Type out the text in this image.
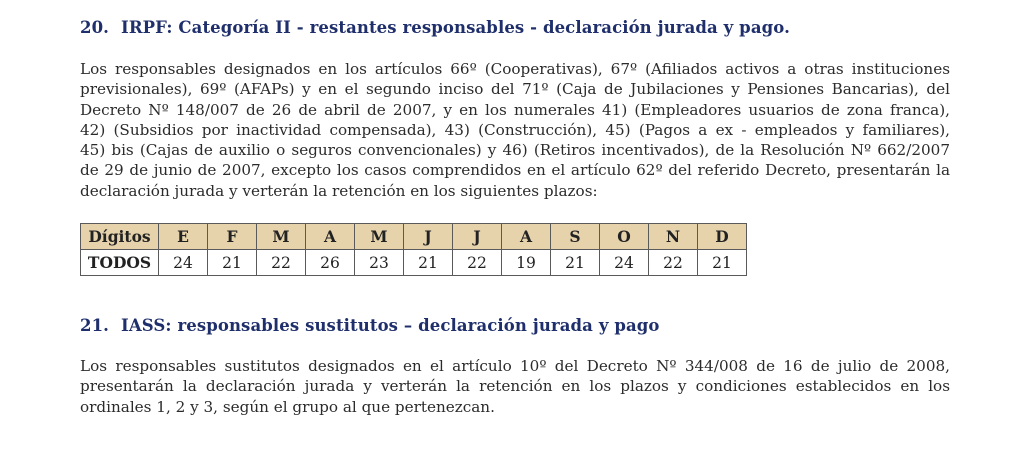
20. IRPF: Categoría II - restantes responsables - declaración jurada y pago.
Los responsables designados en los artículos 66º (Cooperativas), 67º (Afiliados activos a otras instituciones
previsionales), 69º (AFAPs) y en el segundo inciso del 71º (Caja de Jubilaciones y Pensiones Bancarias), del
Decreto Nº 148/007 de 26 de abril de 2007, y en los numerales 41) (Empleadores usuarios de zona franca),
42) (Subsidios por inactividad compensada), 43) (Construcción), 45) (Pagos a ex - empleados y familiares),
45) bis (Cajas de auxilio o seguros convencionales) y 46) (Retiros incentivados), de la Resolución Nº 662/2007
de 29 de junio de 2007, excepto los casos comprendidos en el artículo 62º del referido Decreto, presentarán la
declaración jurada y verterán la retención en los siguientes plazos:
Dígitos	E	F	M	A	M	J	J	A	S	O	N	D
TODOS	24	21	22	26	23	21	22	19	21	24	22	21
21. IASS: responsables sustitutos – declaración jurada y pago
Los responsables sustitutos designados en el artículo 10º del Decreto Nº 344/008 de 16 de julio de 2008,
presentarán la declaración jurada y verterán la retención en los plazos y condiciones establecidos en los
ordinales 1, 2 y 3, según el grupo al que pertenezcan.
